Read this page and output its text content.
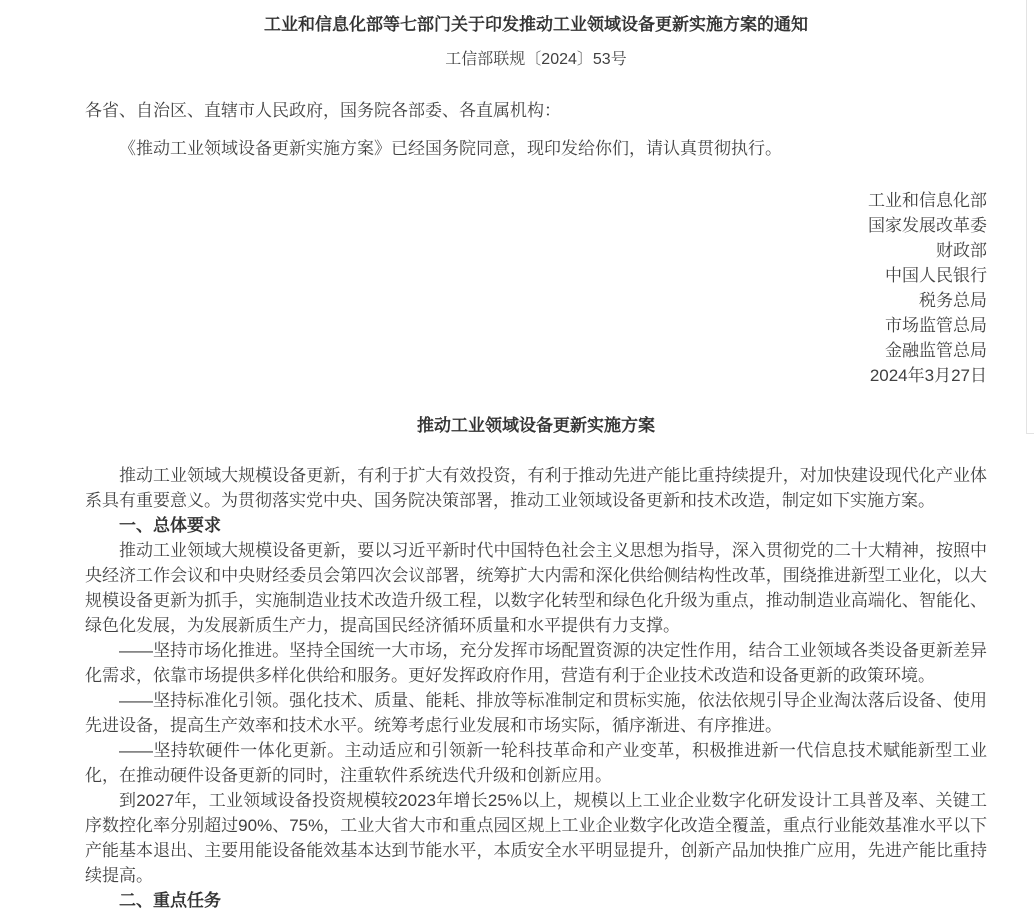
工业和信息化部等七部门关于印发推动工业领域设备更新实施方案的通知
工信部联规〔2024〕53号

各省、自治区、直辖市人民政府，国务院各部委、各直属机构：

《推动工业领域设备更新实施方案》已经国务院同意，现印发给你们，请认真贯彻执行。

工业和信息化部
国家发展改革委
财政部
中国人民银行
税务总局
市场监管总局
金融监管总局
2024年3月27日
推动工业领域设备更新实施方案

推动工业领域大规模设备更新，有利于扩大有效投资，有利于推动先进产能比重持续提升，对加快建设现代化产业体系具有重要意义。为贯彻落实党中央、国务院决策部署，推动工业领域设备更新和技术改造，制定如下实施方案。

一、总体要求

推动工业领域大规模设备更新，要以习近平新时代中国特色社会主义思想为指导，深入贯彻党的二十大精神，按照中央经济工作会议和中央财经委员会第四次会议部署，统筹扩大内需和深化供给侧结构性改革，围绕推进新型工业化，以大规模设备更新为抓手，实施制造业技术改造升级工程，以数字化转型和绿色化升级为重点，推动制造业高端化、智能化、绿色化发展，为发展新质生产力，提高国民经济循环质量和水平提供有力支撑。

——坚持市场化推进。坚持全国统一大市场，充分发挥市场配置资源的决定性作用，结合工业领域各类设备更新差异化需求，依靠市场提供多样化供给和服务。更好发挥政府作用，营造有利于企业技术改造和设备更新的政策环境。

——坚持标准化引领。强化技术、质量、能耗、排放等标准制定和贯标实施，依法依规引导企业淘汰落后设备、使用先进设备，提高生产效率和技术水平。统筹考虑行业发展和市场实际，循序渐进、有序推进。

——坚持软硬件一体化更新。主动适应和引领新一轮科技革命和产业变革，积极推进新一代信息技术赋能新型工业化，在推动硬件设备更新的同时，注重软件系统迭代升级和创新应用。

到2027年，工业领域设备投资规模较2023年增长25%以上，规模以上工业企业数字化研发设计工具普及率、关键工序数控化率分别超过90%、75%，工业大省大市和重点园区规上工业企业数字化改造全覆盖，重点行业能效基准水平以下产能基本退出、主要用能设备能效基本达到节能水平，本质安全水平明显提升，创新产品加快推广应用，先进产能比重持续提高。

二、重点任务
